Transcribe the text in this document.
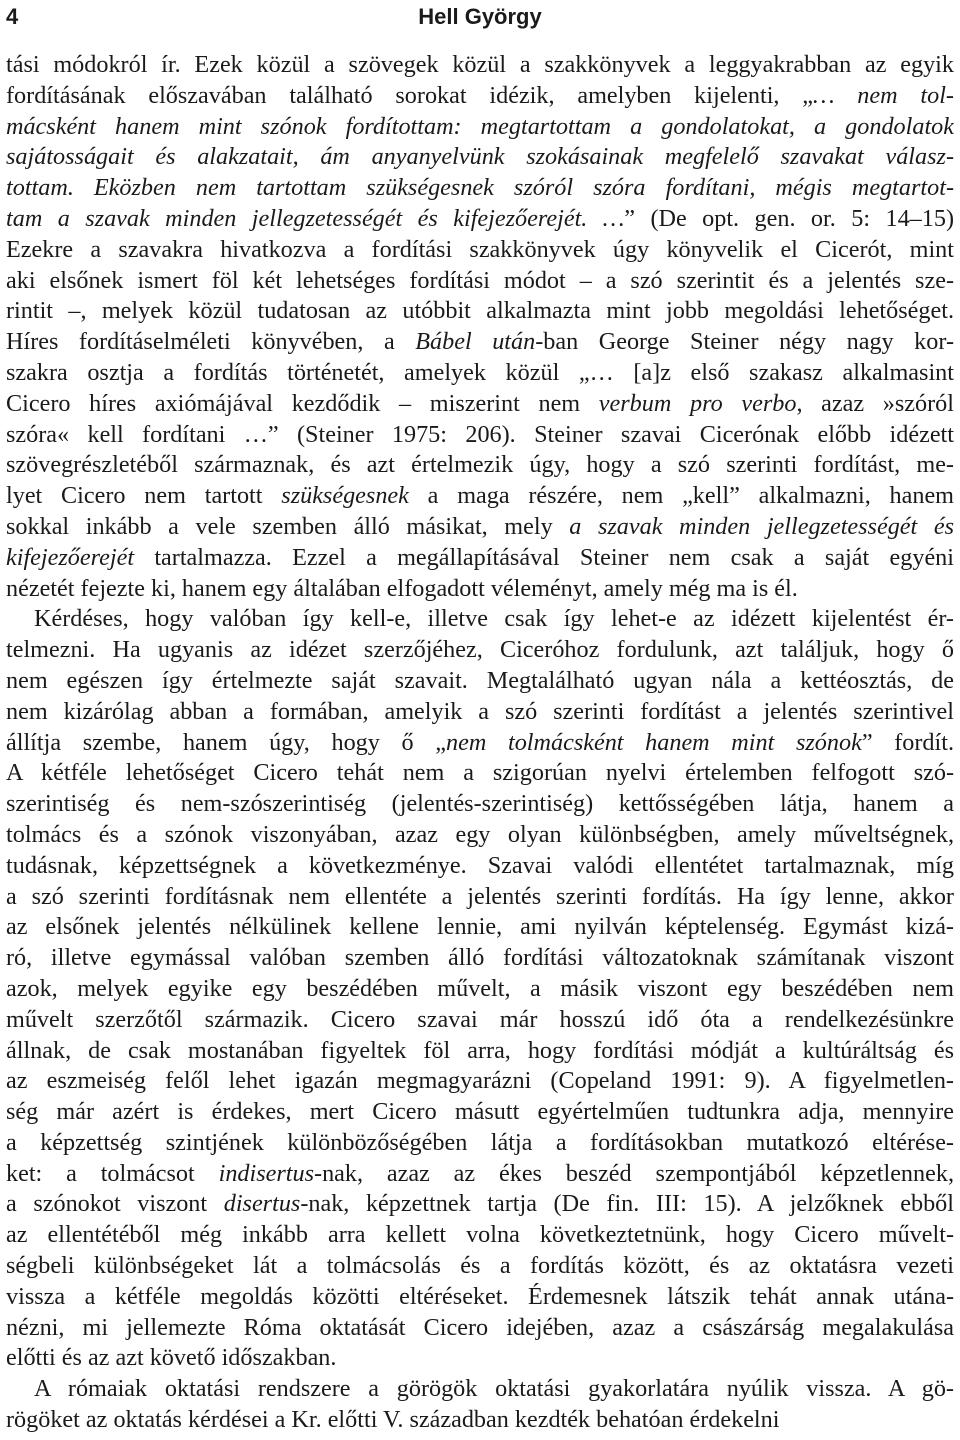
4	Hell György

tási módokról ír. Ezek közül a szövegek közül a szakkönyvek a leggyakrabban az egyik
fordításának előszavában található sorokat idézik, amelyben kijelenti, „… nem tol-
mácsként hanem mint szónok fordítottam: megtartottam a gondolatokat, a gondolatok
sajátosságait és alakzatait, ám anyanyelvünk szokásainak megfelelő szavakat válasz-
tottam. Eközben nem tartottam szükségesnek szóról szóra fordítani, mégis megtartot-
tam a szavak minden jellegzetességét és kifejezőerejét. …” (De opt. gen. or. 5: 14–15)
Ezekre a szavakra hivatkozva a fordítási szakkönyvek úgy könyvelik el Cicerót, mint
aki elsőnek ismert föl két lehetséges fordítási módot – a szó szerintit és a jelentés sze-
rintit –, melyek közül tudatosan az utóbbit alkalmazta mint jobb megoldási lehetőséget.
Híres fordításelméleti könyvében, a Bábel után-ban George Steiner négy nagy kor-
szakra osztja a fordítás történetét, amelyek közül „… [a]z első szakasz alkalmasint
Cicero híres axiómájával kezdődik – miszerint nem verbum pro verbo, azaz »szóról
szóra« kell fordítani …” (Steiner 1975: 206). Steiner szavai Cicerónak előbb idézett
szövegrészletéből származnak, és azt értelmezik úgy, hogy a szó szerinti fordítást, me-
lyet Cicero nem tartott szükségesnek a maga részére, nem „kell” alkalmazni, hanem
sokkal inkább a vele szemben álló másikat, mely a szavak minden jellegzetességét és
kifejezőerejét tartalmazza. Ezzel a megállapításával Steiner nem csak a saját egyéni
nézetét fejezte ki, hanem egy általában elfogadott véleményt, amely még ma is él.

Kérdéses, hogy valóban így kell-e, illetve csak így lehet-e az idézett kijelentést ér-
telmezni. Ha ugyanis az idézet szerzőjéhez, Ciceróhoz fordulunk, azt találjuk, hogy ő
nem egészen így értelmezte saját szavait. Megtalálható ugyan nála a kettéosztás, de
nem kizárólag abban a formában, amelyik a szó szerinti fordítást a jelentés szerintivel
állítja szembe, hanem úgy, hogy ő „nem tolmácsként hanem mint szónok” fordít.
A kétféle lehetőséget Cicero tehát nem a szigorúan nyelvi értelemben felfogott szó-
szerintiség és nem-szószerintiség (jelentés-szerintiség) kettősségében látja, hanem a
tolmács és a szónok viszonyában, azaz egy olyan különbségben, amely műveltségnek,
tudásnak, képzettségnek a következménye. Szavai valódi ellentétet tartalmaznak, míg
a szó szerinti fordításnak nem ellentéte a jelentés szerinti fordítás. Ha így lenne, akkor
az elsőnek jelentés nélkülinek kellene lennie, ami nyilván képtelenség. Egymást kizá-
ró, illetve egymással valóban szemben álló fordítási változatoknak számítanak viszont
azok, melyek egyike egy beszédében művelt, a másik viszont egy beszédében nem
művelt szerzőtől származik. Cicero szavai már hosszú idő óta a rendelkezésünkre
állnak, de csak mostanában figyeltek föl arra, hogy fordítási módját a kultúráltság és
az eszmeiség felől lehet igazán megmagyarázni (Copeland 1991: 9). A figyelmetlen-
ség már azért is érdekes, mert Cicero másutt egyértelműen tudtunkra adja, mennyire
a képzettség szintjének különbözőségében látja a fordításokban mutatkozó eltérése-
ket: a tolmácsot indisertus-nak, azaz az ékes beszéd szempontjából képzetlennek,
a szónokot viszont disertus-nak, képzettnek tartja (De fin. III: 15). A jelzőknek ebből
az ellentétéből még inkább arra kellett volna következtetnünk, hogy Cicero művelt-
ségbeli különbségeket lát a tolmácsolás és a fordítás között, és az oktatásra vezeti
vissza a kétféle megoldás közötti eltéréseket. Érdemesnek látszik tehát annak utána-
nézni, mi jellemezte Róma oktatását Cicero idejében, azaz a császárság megalakulása
előtti és az azt követő időszakban.

A rómaiak oktatási rendszere a görögök oktatási gyakorlatára nyúlik vissza. A gö-
rögöket az oktatás kérdései a Kr. előtti V. században kezdték behatóan érdekelni
